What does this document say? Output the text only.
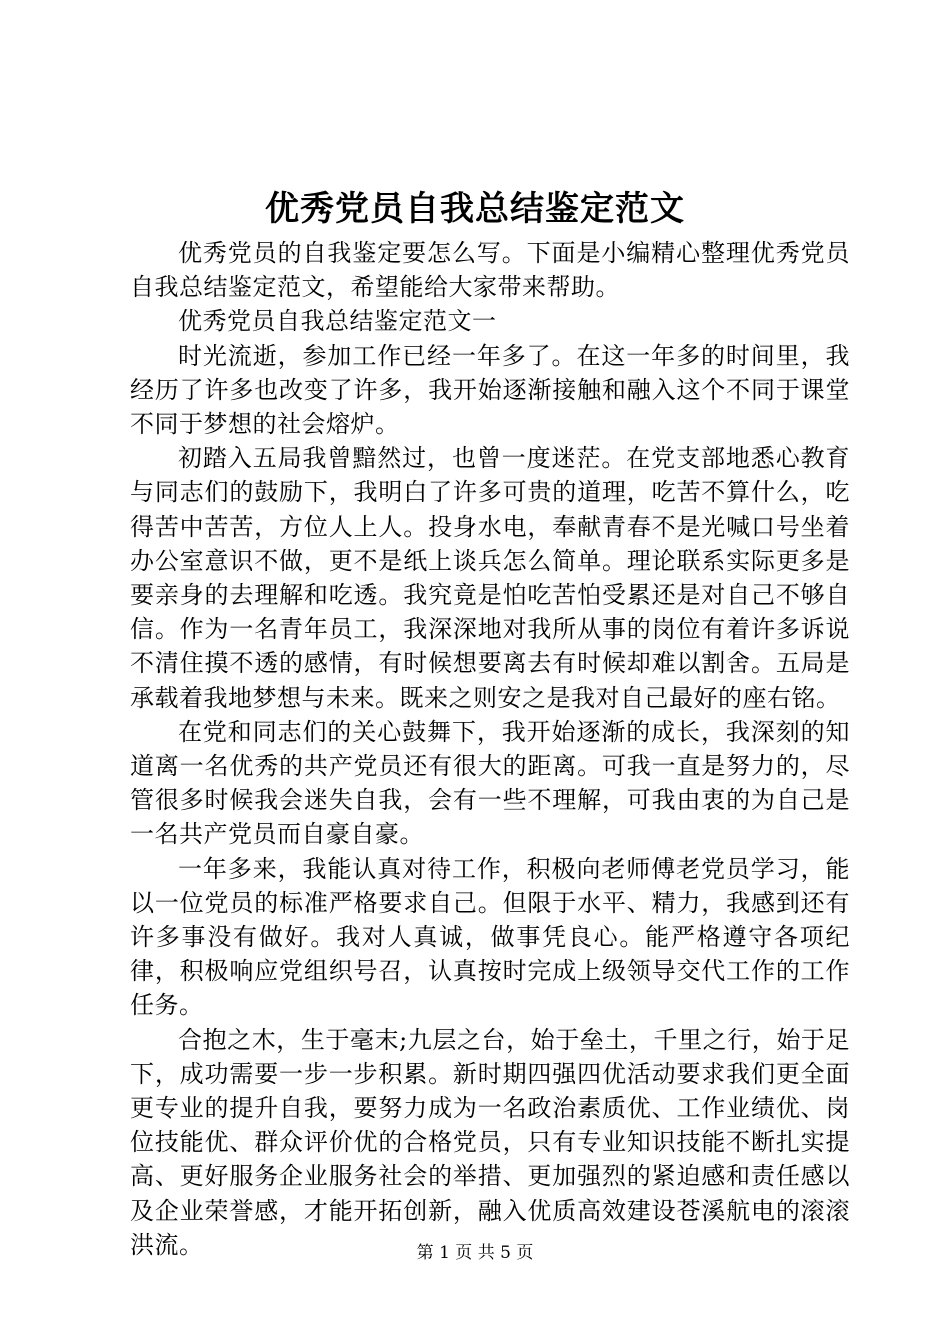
优秀党员自我总结鉴定范文

优秀党员的自我鉴定要怎么写。下面是小编精心整理优秀党员自我总结鉴定范文，希望能给大家带来帮助。

优秀党员自我总结鉴定范文一

时光流逝，参加工作已经一年多了。在这一年多的时间里，我经历了许多也改变了许多，我开始逐渐接触和融入这个不同于课堂不同于梦想的社会熔炉。

初踏入五局我曾黯然过，也曾一度迷茫。在党支部地悉心教育与同志们的鼓励下，我明白了许多可贵的道理，吃苦不算什么，吃得苦中苦苦，方位人上人。投身水电，奉献青春不是光喊口号坐着办公室意识不做，更不是纸上谈兵怎么简单。理论联系实际更多是要亲身的去理解和吃透。我究竟是怕吃苦怕受累还是对自己不够自信。作为一名青年员工，我深深地对我所从事的岗位有着许多诉说不清住摸不透的感情，有时候想要离去有时候却难以割舍。五局是承载着我地梦想与未来。既来之则安之是我对自己最好的座右铭。

在党和同志们的关心鼓舞下，我开始逐渐的成长，我深刻的知道离一名优秀的共产党员还有很大的距离。可我一直是努力的，尽管很多时候我会迷失自我，会有一些不理解，可我由衷的为自己是一名共产党员而自豪自豪。

一年多来，我能认真对待工作，积极向老师傅老党员学习，能以一位党员的标准严格要求自己。但限于水平、精力，我感到还有许多事没有做好。我对人真诚，做事凭良心。能严格遵守各项纪律，积极响应党组织号召，认真按时完成上级领导交代工作的工作任务。

合抱之木，生于毫末;九层之台，始于垒土，千里之行，始于足下，成功需要一步一步积累。新时期四强四优活动要求我们更全面更专业的提升自我，要努力成为一名政治素质优、工作业绩优、岗位技能优、群众评价优的合格党员，只有专业知识技能不断扎实提高、更好服务企业服务社会的举措、更加强烈的紧迫感和责任感以及企业荣誉感，才能开拓创新，融入优质高效建设苍溪航电的滚滚洪流。	第 1 页 共 5 页
